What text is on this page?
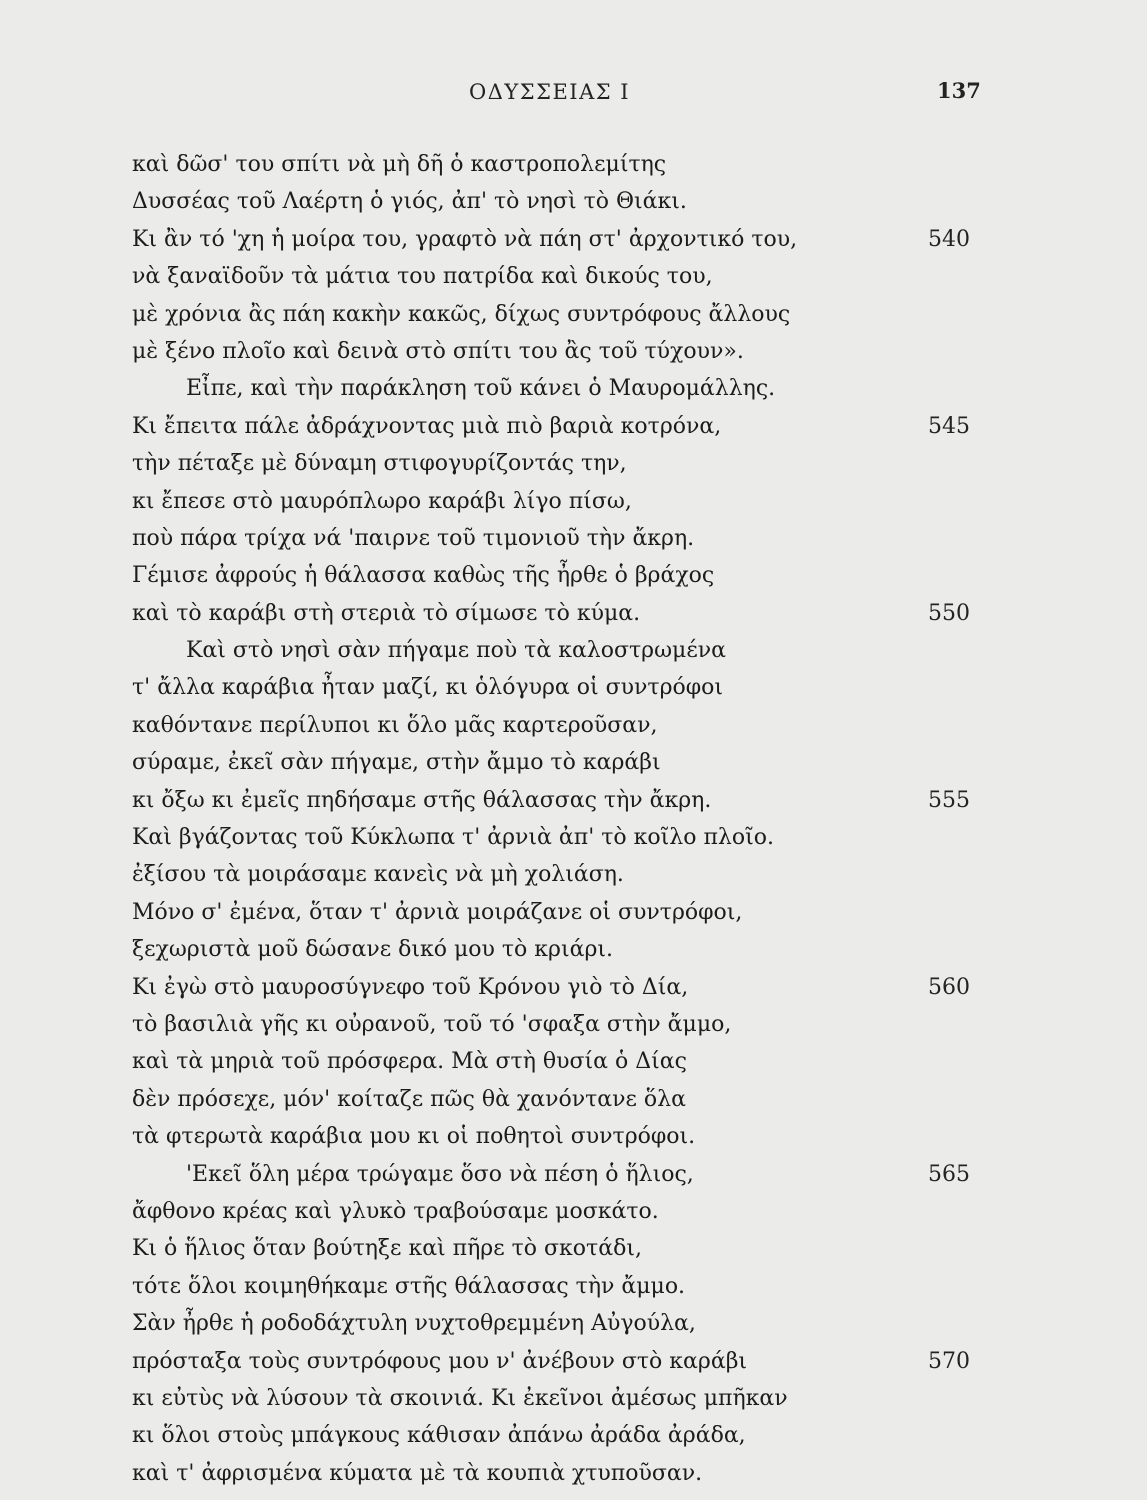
ΟΔΥΣΣΕΙΑΣ Ι	137
καὶ δῶσ' του σπίτι νὰ μὴ δῆ ὁ καστροπολεμίτης
Δυσσέας τοῦ Λαέρτη ὁ γιός, ἀπ' τὸ νησὶ τὸ Θιάκι.
Κι ἂν τό 'χη ἡ μοίρα του, γραφτὸ νὰ πάη στ' ἀρχοντικό του,	540
νὰ ξαναϊδοῦν τὰ μάτια του πατρίδα καὶ δικούς του,
μὲ χρόνια ἂς πάη κακὴν κακῶς, δίχως συντρόφους ἄλλους
μὲ ξένο πλοῖο καὶ δεινὰ στὸ σπίτι του ἂς τοῦ τύχουν».
Εἶπε, καὶ τὴν παράκληση τοῦ κάνει ὁ Μαυρομάλλης.
Κι ἔπειτα πάλε ἀδράχνοντας μιὰ πιὸ βαριὰ κοτρόνα,	545
τὴν πέταξε μὲ δύναμη στιφογυρίζοντάς την,
κι ἔπεσε στὸ μαυρόπλωρο καράβι λίγο πίσω,
ποὺ πάρα τρίχα νά 'παιρνε τοῦ τιμονιοῦ τὴν ἄκρη.
Γέμισε ἀφρούς ἡ θάλασσα καθὼς τῆς ἦρθε ὁ βράχος
καὶ τὸ καράβι στὴ στεριὰ τὸ σίμωσε τὸ κύμα.	550
Καὶ στὸ νησὶ σὰν πήγαμε ποὺ τὰ καλοστρωμένα
τ' ἄλλα καράβια ἦταν μαζί, κι ὁλόγυρα οἱ συντρόφοι
καθόντανε περίλυποι κι ὅλο μᾶς καρτεροῦσαν,
σύραμε, ἐκεῖ σὰν πήγαμε, στὴν ἄμμο τὸ καράβι
κι ὄξω κι ἐμεῖς πηδήσαμε στῆς θάλασσας τὴν ἄκρη.	555
Καὶ βγάζοντας τοῦ Κύκλωπα τ' ἀρνιὰ ἀπ' τὸ κοῖλο πλοῖο.
ἐξίσου τὰ μοιράσαμε κανεὶς νὰ μὴ χολιάση.
Μόνο σ' ἐμένα, ὅταν τ' ἀρνιὰ μοιράζανε οἱ συντρόφοι,
ξεχωριστὰ μοῦ δώσανε δικό μου τὸ κριάρι.
Κι ἐγὼ στὸ μαυροσύγνεφο τοῦ Κρόνου γιὸ τὸ Δία,	560
τὸ βασιλιὰ γῆς κι οὐρανοῦ, τοῦ τό 'σφαξα στὴν ἄμμο,
καὶ τὰ μηριὰ τοῦ πρόσφερα. Μὰ στὴ θυσία ὁ Δίας
δὲν πρόσεχε, μόν' κοίταζε πῶς θὰ χανόντανε ὅλα
τὰ φτερωτὰ καράβια μου κι οἱ ποθητοὶ συντρόφοι.
'Εκεῖ ὅλη μέρα τρώγαμε ὅσο νὰ πέση ὁ ἥλιος,	565
ἄφθονο κρέας καὶ γλυκὸ τραβούσαμε μοσκάτο.
Κι ὁ ἥλιος ὅταν βούτηξε καὶ πῆρε τὸ σκοτάδι,
τότε ὅλοι κοιμηθήκαμε στῆς θάλασσας τὴν ἄμμο.
Σὰν ἦρθε ἡ ροδοδάχτυλη νυχτοθρεμμένη Αὐγούλα,
πρόσταξα τοὺς συντρόφους μου ν' ἀνέβουν στὸ καράβι	570
κι εὐτὺς νὰ λύσουν τὰ σκοινιά. Κι ἐκεῖνοι ἀμέσως μπῆκαν
κι ὅλοι στοὺς μπάγκους κάθισαν ἀπάνω ἀράδα ἀράδα,
καὶ τ' ἀφρισμένα κύματα μὲ τὰ κουπιὰ χτυποῦσαν.
